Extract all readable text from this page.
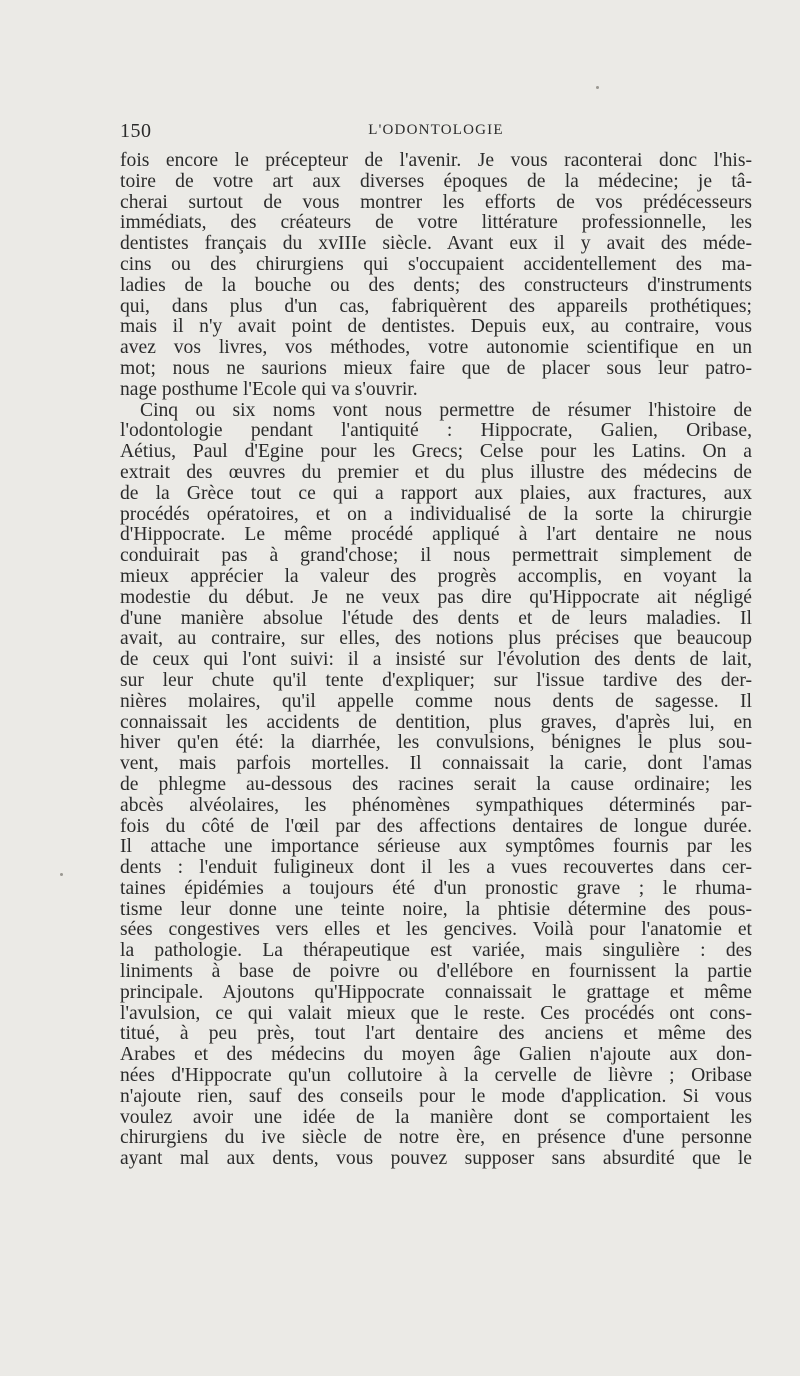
150	L'ODONTOLOGIE
fois encore le précepteur de l'avenir. Je vous raconterai donc l'his-
toire de votre art aux diverses époques de la médecine; je tâ-
cherai surtout de vous montrer les efforts de vos prédécesseurs
immédiats, des créateurs de votre littérature professionnelle, les
dentistes français du xvIIIe siècle. Avant eux il y avait des méde-
cins ou des chirurgiens qui s'occupaient accidentellement des ma-
ladies de la bouche ou des dents; des constructeurs d'instruments
qui, dans plus d'un cas, fabriquèrent des appareils prothétiques;
mais il n'y avait point de dentistes. Depuis eux, au contraire, vous
avez vos livres, vos méthodes, votre autonomie scientifique en un
mot; nous ne saurions mieux faire que de placer sous leur patro-
nage posthume l'Ecole qui va s'ouvrir.
Cinq ou six noms vont nous permettre de résumer l'histoire de
l'odontologie pendant l'antiquité : Hippocrate, Galien, Oribase,
Aétius, Paul d'Egine pour les Grecs; Celse pour les Latins. On a
extrait des œuvres du premier et du plus illustre des médecins de
de la Grèce tout ce qui a rapport aux plaies, aux fractures, aux
procédés opératoires, et on a individualisé de la sorte la chirurgie
d'Hippocrate. Le même procédé appliqué à l'art dentaire ne nous
conduirait pas à grand'chose; il nous permettrait simplement de
mieux apprécier la valeur des progrès accomplis, en voyant la
modestie du début. Je ne veux pas dire qu'Hippocrate ait négligé
d'une manière absolue l'étude des dents et de leurs maladies. Il
avait, au contraire, sur elles, des notions plus précises que beaucoup
de ceux qui l'ont suivi: il a insisté sur l'évolution des dents de lait,
sur leur chute qu'il tente d'expliquer; sur l'issue tardive des der-
nières molaires, qu'il appelle comme nous dents de sagesse. Il
connaissait les accidents de dentition, plus graves, d'après lui, en
hiver qu'en été: la diarrhée, les convulsions, bénignes le plus sou-
vent, mais parfois mortelles. Il connaissait la carie, dont l'amas
de phlegme au-dessous des racines serait la cause ordinaire; les
abcès alvéolaires, les phénomènes sympathiques déterminés par-
fois du côté de l'œil par des affections dentaires de longue durée.
Il attache une importance sérieuse aux symptômes fournis par les
dents : l'enduit fuligineux dont il les a vues recouvertes dans cer-
taines épidémies a toujours été d'un pronostic grave ; le rhuma-
tisme leur donne une teinte noire, la phtisie détermine des pous-
sées congestives vers elles et les gencives. Voilà pour l'anatomie et
la pathologie. La thérapeutique est variée, mais singulière : des
liniments à base de poivre ou d'ellébore en fournissent la partie
principale. Ajoutons qu'Hippocrate connaissait le grattage et même
l'avulsion, ce qui valait mieux que le reste. Ces procédés ont cons-
titué, à peu près, tout l'art dentaire des anciens et même des
Arabes et des médecins du moyen âge Galien n'ajoute aux don-
nées d'Hippocrate qu'un collutoire à la cervelle de lièvre ; Oribase
n'ajoute rien, sauf des conseils pour le mode d'application. Si vous
voulez avoir une idée de la manière dont se comportaient les
chirurgiens du ive siècle de notre ère, en présence d'une personne
ayant mal aux dents, vous pouvez supposer sans absurdité que le
